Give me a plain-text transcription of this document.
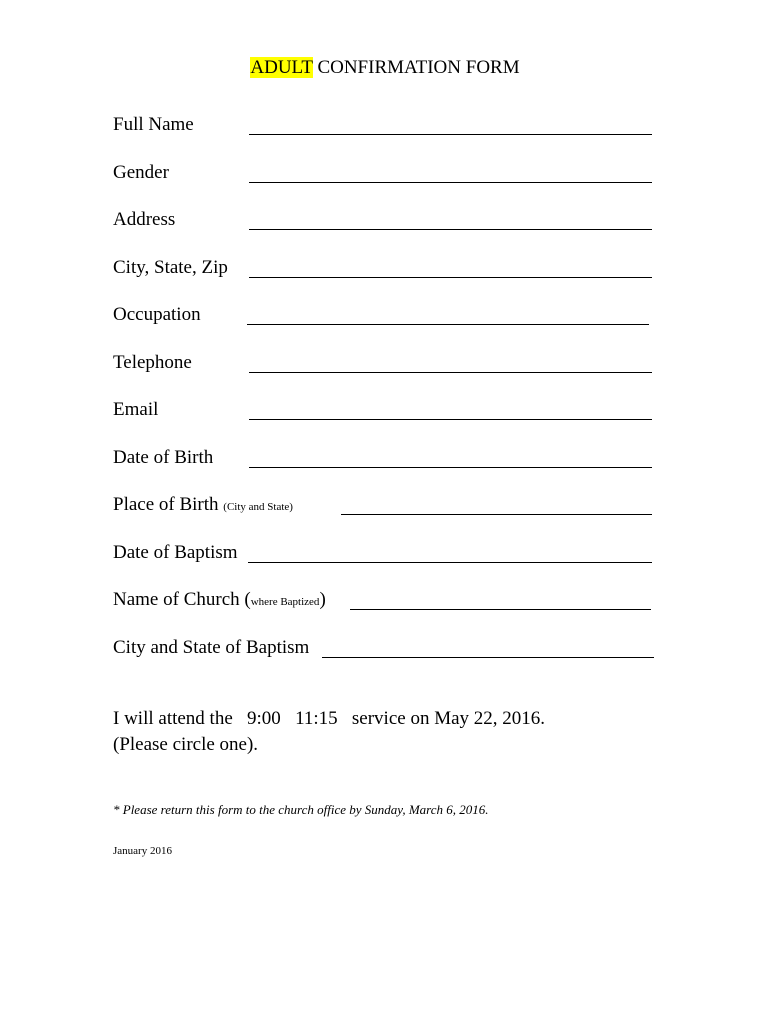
ADULT CONFIRMATION FORM
Full Name
Gender
Address
City, State, Zip
Occupation
Telephone
Email
Date of Birth
Place of Birth (City and State)
Date of Baptism
Name of Church (where Baptized)
City and State of Baptism
I will attend the 9:00 11:15 service on May 22, 2016.
(Please circle one).
* Please return this form to the church office by Sunday, March 6, 2016.
January 2016
